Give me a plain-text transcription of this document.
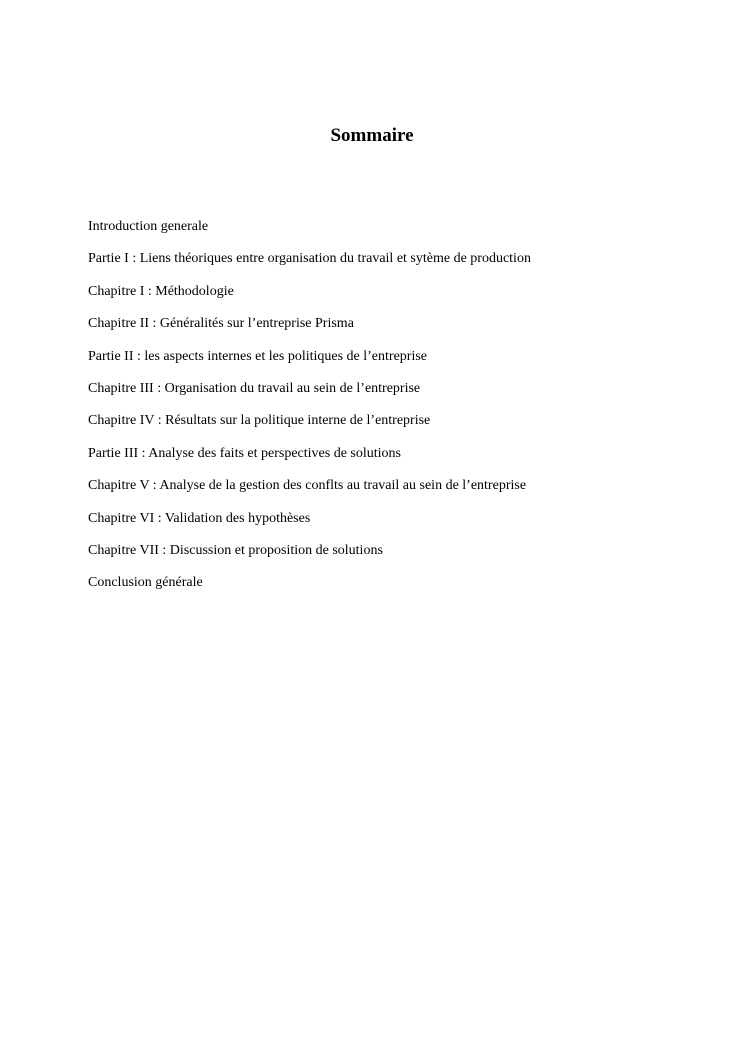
Sommaire
Introduction generale
Partie I : Liens théoriques entre organisation du travail et sytème de production
Chapitre I : Méthodologie
Chapitre II : Généralités sur l’entreprise Prisma
Partie II : les aspects internes et les politiques de l’entreprise
Chapitre III : Organisation du travail au sein de l’entreprise
Chapitre IV : Résultats sur la politique interne de l’entreprise
Partie III : Analyse des faits et perspectives de solutions
Chapitre V : Analyse de la gestion des conflts au travail au sein de l’entreprise
Chapitre VI : Validation des hypothèses
Chapitre VII : Discussion et proposition de solutions
Conclusion générale
